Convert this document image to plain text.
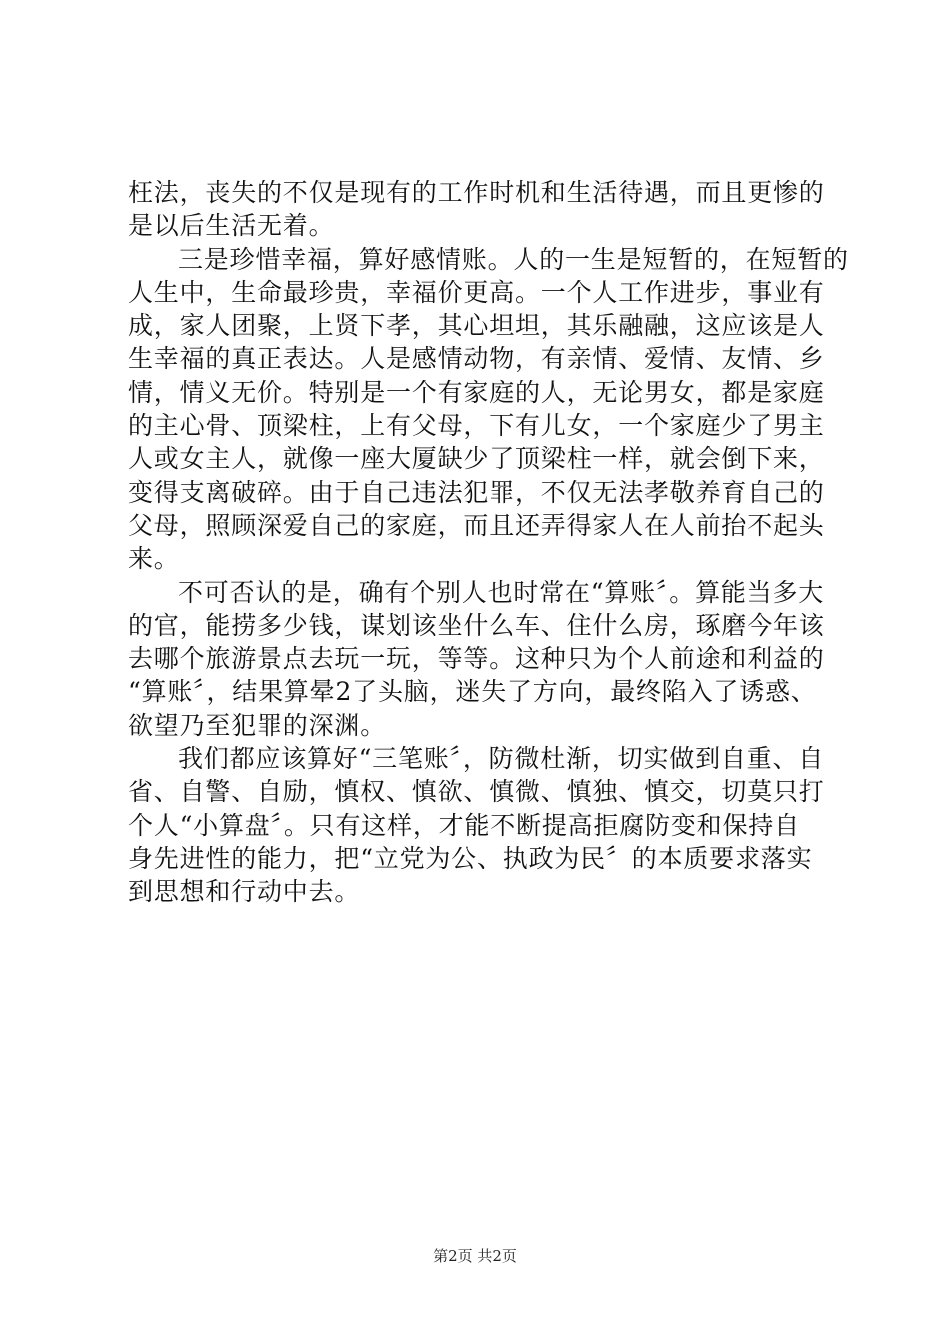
枉法，丧失的不仅是现有的工作时机和生活待遇，而且更惨的
是以后生活无着。
三是珍惜幸福，算好感情账。人的一生是短暂的，在短暂的
人生中，生命最珍贵，幸福价更高。一个人工作进步，事业有
成，家人团聚，上贤下孝，其心坦坦，其乐融融，这应该是人
生幸福的真正表达。人是感情动物，有亲情、爱情、友情、乡
情，情义无价。特别是一个有家庭的人，无论男女，都是家庭
的主心骨、顶梁柱，上有父母，下有儿女，一个家庭少了男主
人或女主人，就像一座大厦缺少了顶梁柱一样，就会倒下来，
变得支离破碎。由于自己违法犯罪，不仅无法孝敬养育自己的
父母，照顾深爱自己的家庭，而且还弄得家人在人前抬不起头
来。
不可否认的是，确有个别人也时常在“算账〞。算能当多大
的官，能捞多少钱，谋划该坐什么车、住什么房，琢磨今年该
去哪个旅游景点去玩一玩，等等。这种只为个人前途和利益的
“算账〞，结果算晕2了头脑，迷失了方向，最终陷入了诱惑、
欲望乃至犯罪的深渊。
我们都应该算好“三笔账〞，防微杜渐，切实做到自重、自
省、自警、自励，慎权、慎欲、慎微、慎独、慎交，切莫只打
个人“小算盘〞。只有这样，才能不断提高拒腐防变和保持自
身先进性的能力，把“立党为公、执政为民〞的本质要求落实
到思想和行动中去。
第2页 共2页
